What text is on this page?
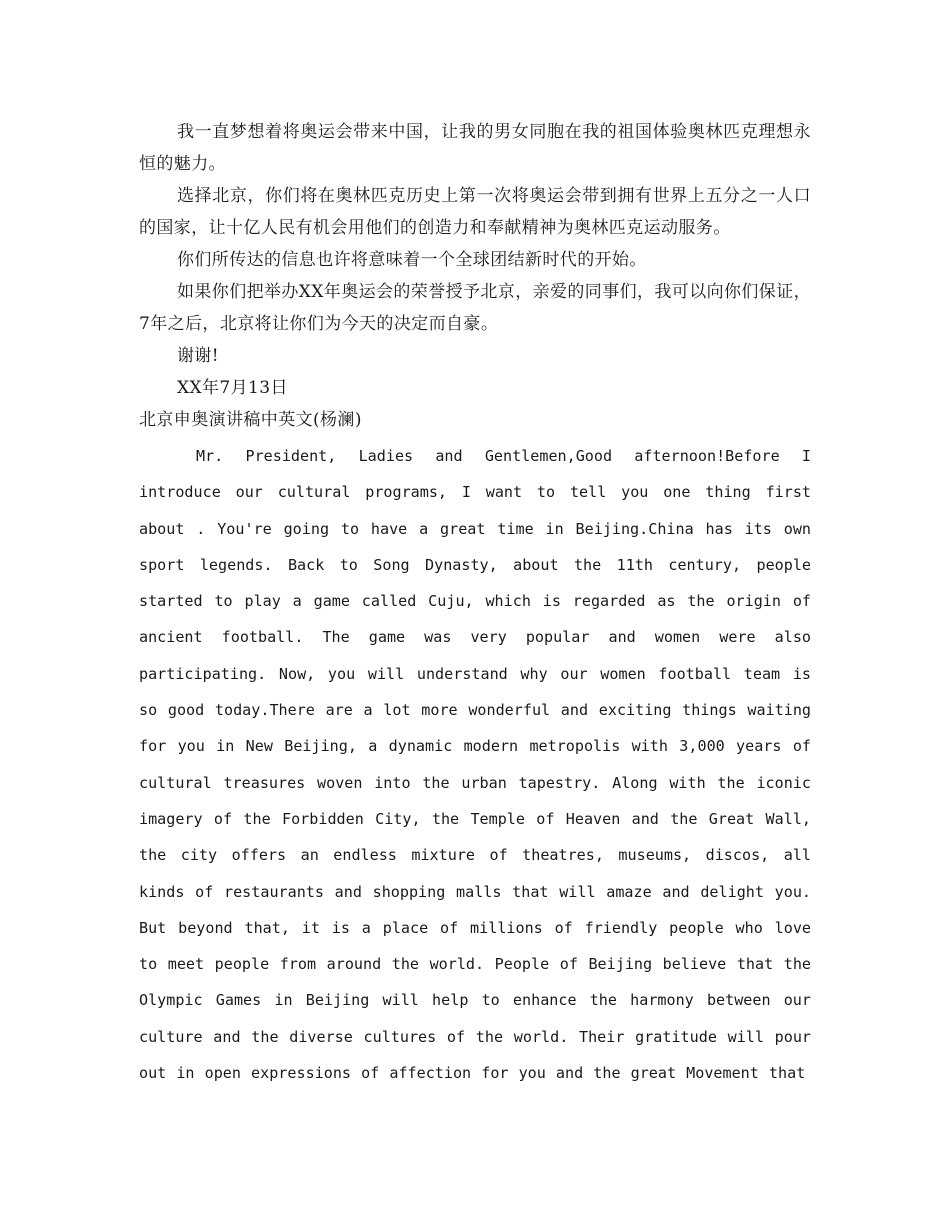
我一直梦想着将奥运会带来中国，让我的男女同胞在我的祖国体验奥林匹克理想永恒的魅力。

选择北京，你们将在奥林匹克历史上第一次将奥运会带到拥有世界上五分之一人口的国家，让十亿人民有机会用他们的创造力和奉献精神为奥林匹克运动服务。

你们所传达的信息也许将意味着一个全球团结新时代的开始。

如果你们把举办XX年奥运会的荣誉授予北京，亲爱的同事们，我可以向你们保证，7年之后，北京将让你们为今天的决定而自豪。

谢谢!

XX年7月13日

北京申奥演讲稿中英文(杨澜)

Mr. President, Ladies and Gentlemen,Good afternoon!Before I introduce our cultural programs, I want to tell you one thing first about . You're going to have a great time in Beijing.China has its own sport legends. Back to Song Dynasty, about the 11th century, people started to play a game called Cuju, which is regarded as the origin of ancient football. The game was very popular and women were also participating. Now, you will understand why our women football team is so good today.There are a lot more wonderful and exciting things waiting for you in New Beijing, a dynamic modern metropolis with 3,000 years of cultural treasures woven into the urban tapestry. Along with the iconic imagery of the Forbidden City, the Temple of Heaven and the Great Wall, the city offers an endless mixture of theatres, museums, discos, all kinds of restaurants and shopping malls that will amaze and delight you. But beyond that, it is a place of millions of friendly people who love to meet people from around the world. People of Beijing believe that the Olympic Games in Beijing will help to enhance the harmony between our culture and the diverse cultures of the world. Their gratitude will pour out in open expressions of affection for you and the great Movement that
